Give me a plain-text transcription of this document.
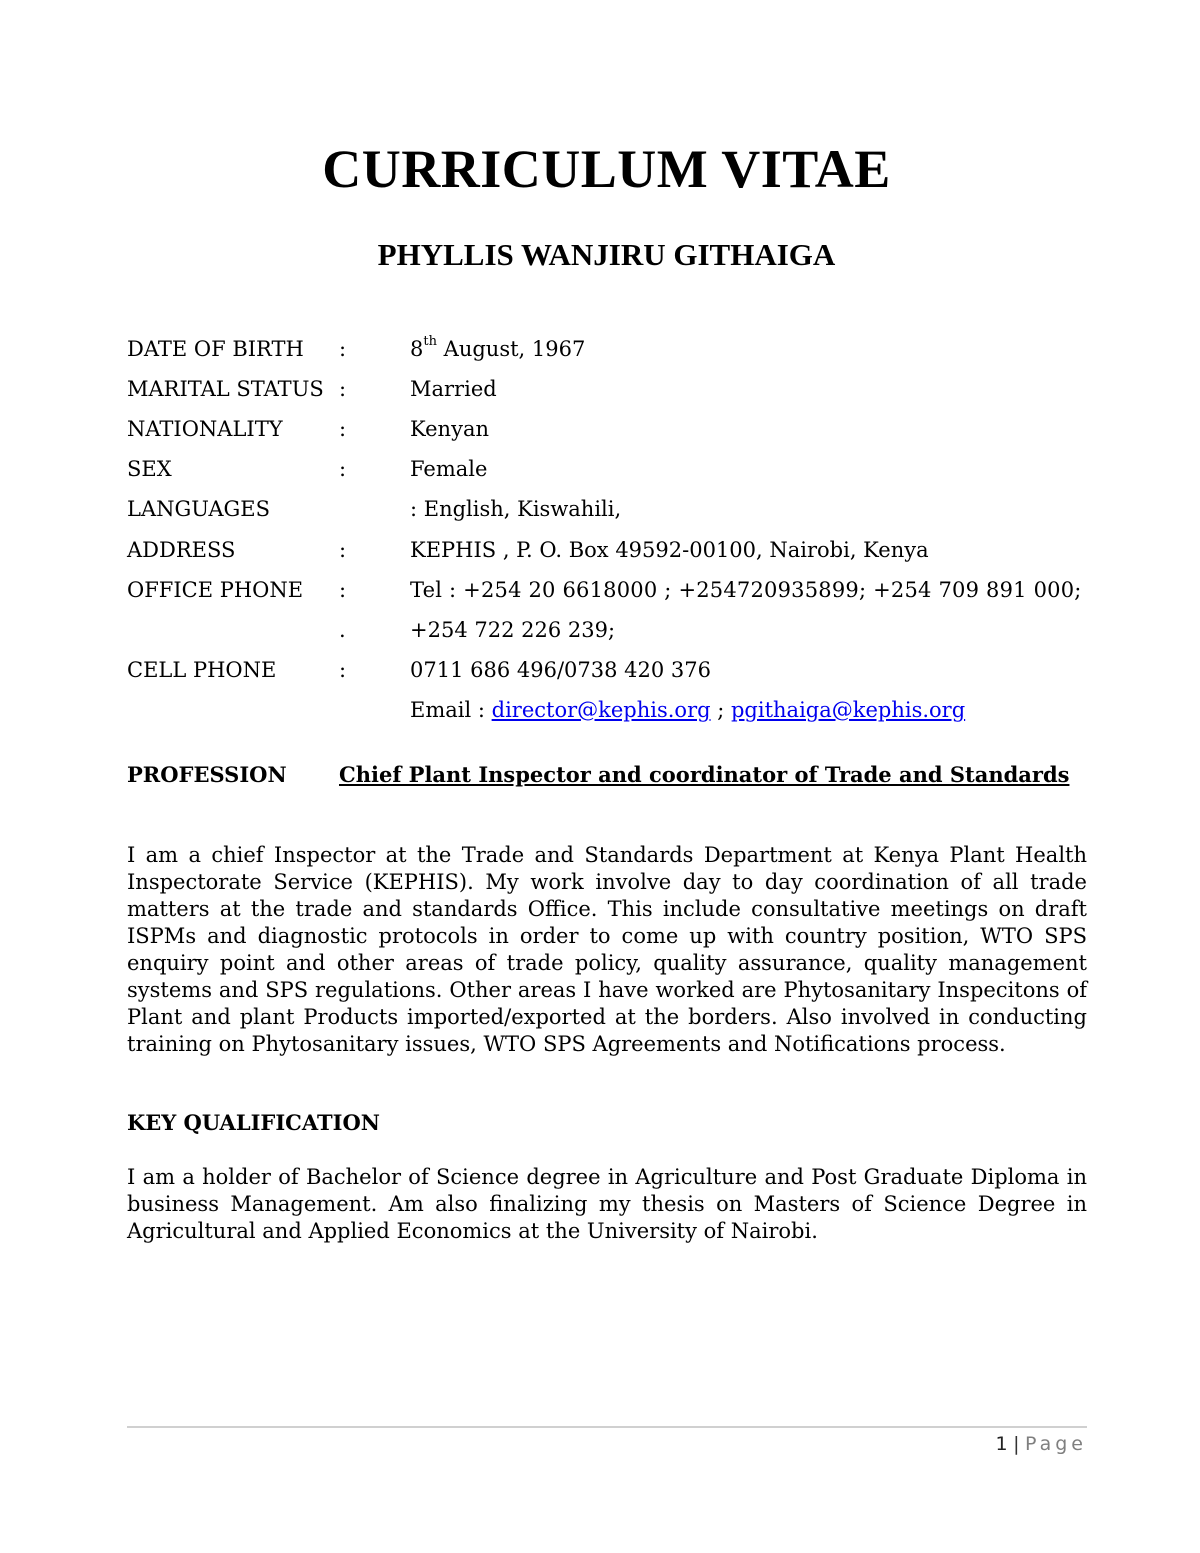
CURRICULUM VITAE
PHYLLIS WANJIRU GITHAIGA
DATE OF BIRTH :	8th August, 1967
MARITAL STATUS :	Married
NATIONALITY	:	Kenyan
SEX	:	Female
LANGUAGES	: English, Kiswahili,
ADDRESS	:	KEPHIS , P. O. Box 49592-00100, Nairobi, Kenya
OFFICE PHONE :	Tel : +254 20 6618000 ; +254720935899; +254 709 891 000;
.	+254 722 226 239;
CELL PHONE	:	0711 686 496/0738 420 376
Email : director@kephis.org ; pgithaiga@kephis.org
PROFESSION Chief Plant Inspector and coordinator of Trade and Standards

I am a chief Inspector at the Trade and Standards Department at Kenya Plant Health Inspectorate Service (KEPHIS). My work involve day to day coordination of all trade matters at the trade and standards Office. This include consultative meetings on draft ISPMs and diagnostic protocols in order to come up with country position, WTO SPS enquiry point and other areas of trade policy, quality assurance, quality management systems and SPS regulations. Other areas I have worked are Phytosanitary Inspecitons of Plant and plant Products imported/exported at the borders. Also involved in conducting training on Phytosanitary issues, WTO SPS Agreements and Notifications process.

KEY QUALIFICATION

I am a holder of Bachelor of Science degree in Agriculture and Post Graduate Diploma in business Management. Am also finalizing my thesis on Masters of Science Degree in Agricultural and Applied Economics at the University of Nairobi.

1 | Page
